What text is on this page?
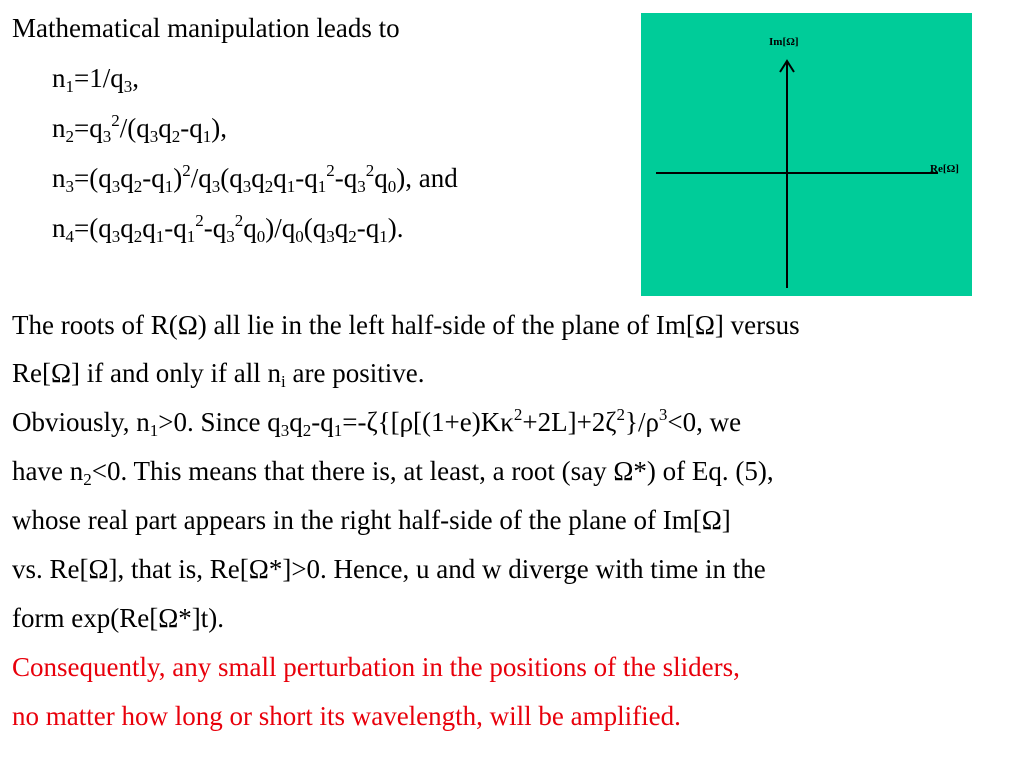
Mathematical manipulation leads to
$n_1=1/q_3$,
$n_2=q_3^2/(q_3q_2-q_1)$,
$n_3=(q_3q_2-q_1)^2/q_3(q_3q_2q_1-q_1^2-q_3^2q_0)$, and
$n_4=(q_3q_2q_1-q_1^2-q_3^2q_0)/q_0(q_3q_2-q_1)$.
Im[Ω]
Re[Ω]
The roots of R(Ω) all lie in the left half-side of the plane of Im[Ω] versus
Re[Ω] if and only if all $n_i$ are positive.
Obviously, $n_1>0$. Since $q_3q_2-q_1=-\zeta\{[\rho[(1+e)K\kappa^2+2L]+2\zeta^2\}/\rho^3<0$, we
have $n_2<0$. This means that there is, at least, a root (say Ω*) of Eq. (5),
whose real part appears in the right half-side of the plane of Im[Ω]
vs. Re[Ω], that is, Re[Ω*]>0. Hence, u and w diverge with time in the
form exp(Re[Ω*]t).
Consequently, any small perturbation in the positions of the sliders,
no matter how long or short its wavelength, will be amplified.
